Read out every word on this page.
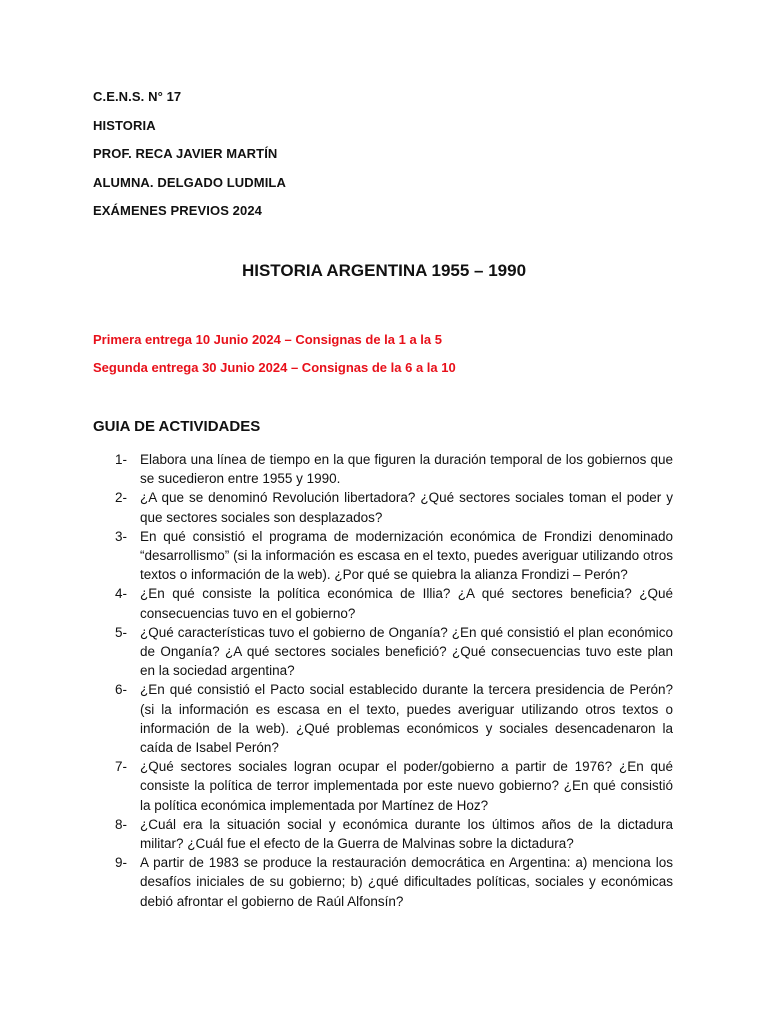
C.E.N.S. N° 17
HISTORIA
PROF. RECA JAVIER MARTÍN
ALUMNA. DELGADO LUDMILA
EXÁMENES PREVIOS 2024
HISTORIA ARGENTINA 1955 – 1990
Primera entrega 10 Junio 2024 – Consignas de la 1 a la 5
Segunda entrega 30 Junio 2024 – Consignas de la 6 a la 10
GUIA DE ACTIVIDADES
1- Elabora una línea de tiempo en la que figuren la duración temporal de los gobiernos que se sucedieron entre 1955 y 1990.
2- ¿A que se denominó Revolución libertadora? ¿Qué sectores sociales toman el poder y que sectores sociales son desplazados?
3- En qué consistió el programa de modernización económica de Frondizi denominado “desarrollismo” (si la información es escasa en el texto, puedes averiguar utilizando otros textos o información de la web). ¿Por qué se quiebra la alianza Frondizi – Perón?
4- ¿En qué consiste la política económica de Illia? ¿A qué sectores beneficia? ¿Qué consecuencias tuvo en el gobierno?
5- ¿Qué características tuvo el gobierno de Onganía? ¿En qué consistió el plan económico de Onganía? ¿A qué sectores sociales benefició? ¿Qué consecuencias tuvo este plan en la sociedad argentina?
6- ¿En qué consistió el Pacto social establecido durante la tercera presidencia de Perón? (si la información es escasa en el texto, puedes averiguar utilizando otros textos o información de la web). ¿Qué problemas económicos y sociales desencadenaron la caída de Isabel Perón?
7- ¿Qué sectores sociales logran ocupar el poder/gobierno a partir de 1976? ¿En qué consiste la política de terror implementada por este nuevo gobierno? ¿En qué consistió la política económica implementada por Martínez de Hoz?
8- ¿Cuál era la situación social y económica durante los últimos años de la dictadura militar? ¿Cuál fue el efecto de la Guerra de Malvinas sobre la dictadura?
9- A partir de 1983 se produce la restauración democrática en Argentina: a) menciona los desafíos iniciales de su gobierno; b) ¿qué dificultades políticas, sociales y económicas debió afrontar el gobierno de Raúl Alfonsín?
